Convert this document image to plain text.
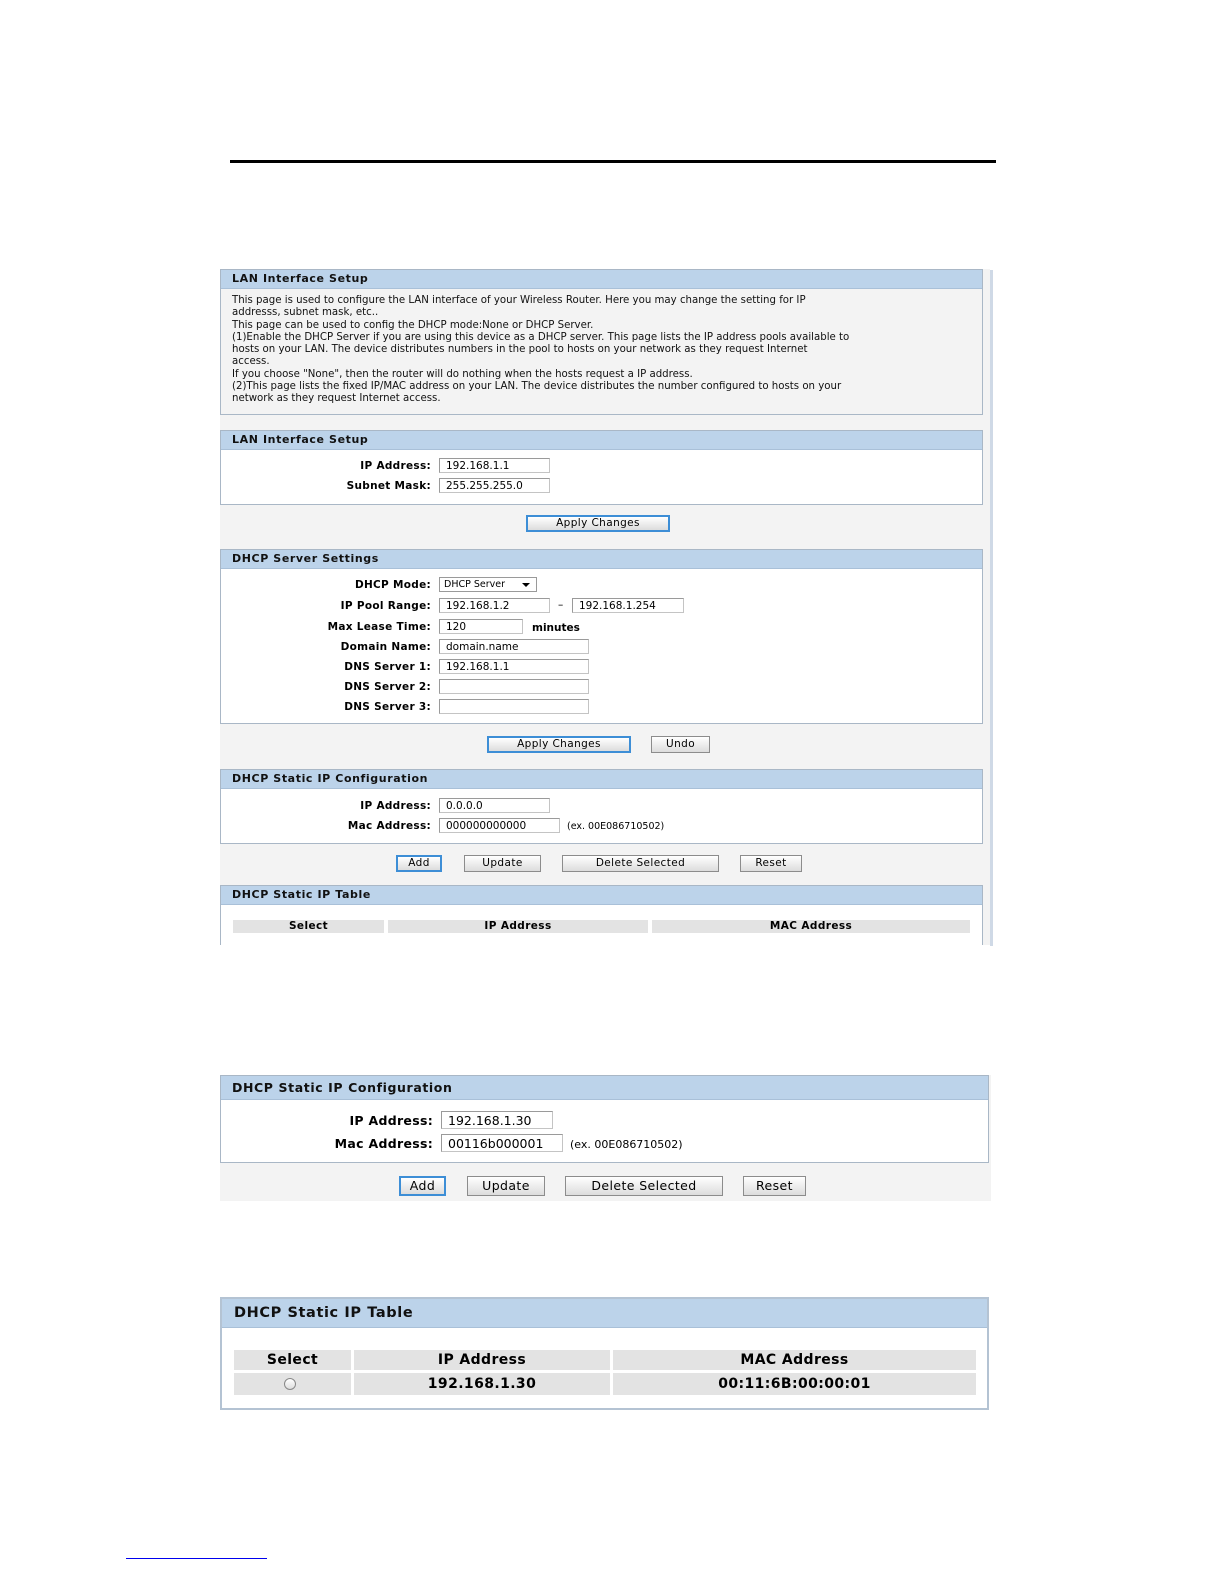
LAN Interface Setup
This page is used to configure the LAN interface of your Wireless Router. Here you may change the setting for IP
addresss, subnet mask, etc..
This page can be used to config the DHCP mode:None or DHCP Server.
(1)Enable the DHCP Server if you are using this device as a DHCP server. This page lists the IP address pools available to
hosts on your LAN. The device distributes numbers in the pool to hosts on your network as they request Internet
access.
If you choose "None", then the router will do nothing when the hosts request a IP address.
(2)This page lists the fixed IP/MAC address on your LAN. The device distributes the number configured to hosts on your
network as they request Internet access.
LAN Interface Setup
IP Address:	192.168.1.1
Subnet Mask:	255.255.255.0
Apply Changes
DHCP Server Settings
DHCP Mode:	DHCP Server
IP Pool Range:	192.168.1.2	–	192.168.1.254
Max Lease Time:	120	minutes
Domain Name:	domain.name
DNS Server 1:	192.168.1.1
DNS Server 2:
DNS Server 3:
Apply Changes	Undo
DHCP Static IP Configuration
IP Address:	0.0.0.0
Mac Address:	000000000000	(ex. 00E086710502)
Add	Update	Delete Selected	Reset
DHCP Static IP Table
Select	IP Address	MAC Address
DHCP Static IP Configuration
IP Address:	192.168.1.30
Mac Address:	00116b000001	(ex. 00E086710502)
Add	Update	Delete Selected	Reset
DHCP Static IP Table
Select	IP Address	MAC Address
192.168.1.30	00:11:6B:00:00:01
